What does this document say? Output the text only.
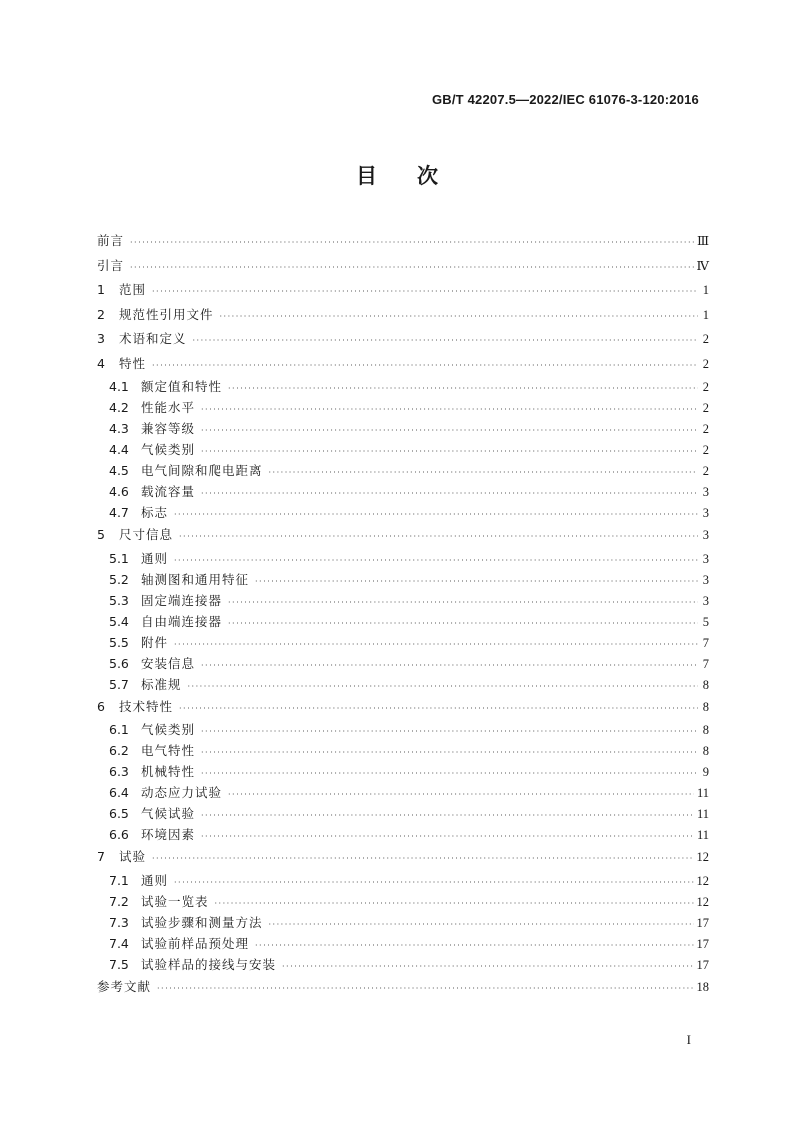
GB/T 42207.5—2022/IEC 61076-3-120:2016
目 次
前言 ·····	Ⅲ
引言 ·····	Ⅳ
1	范围 ·····	1
2	规范性引用文件 ·····	1
3	术语和定义 ·····	2
4	特性 ·····	2
4.1 额定值和特性 ·····	2
4.2 性能水平 ·····	2
4.3 兼容等级 ·····	2
4.4 气候类别 ·····	2
4.5 电气间隙和爬电距离 ·····	2
4.6 载流容量 ·····	3
4.7 标志 ·····	3
5	尺寸信息 ·····	3
5.1 通则 ·····	3
5.2 轴测图和通用特征 ·····	3
5.3 固定端连接器 ·····	3
5.4 自由端连接器 ·····	5
5.5 附件 ·····	7
5.6 安装信息 ·····	7
5.7 标准规 ·····	8
6	技术特性 ·····	8
6.1 气候类别 ·····	8
6.2 电气特性 ·····	8
6.3 机械特性 ·····	9
6.4 动态应力试验 ·····	11
6.5 气候试验 ·····	11
6.6 环境因素 ·····	11
7	试验 ·····	12
7.1 通则 ·····	12
7.2 试验一览表 ·····	12
7.3 试验步骤和测量方法 ·····	17
7.4 试验前样品预处理 ·····	17
7.5 试验样品的接线与安装 ·····	17
参考文献 ·····	18
I
